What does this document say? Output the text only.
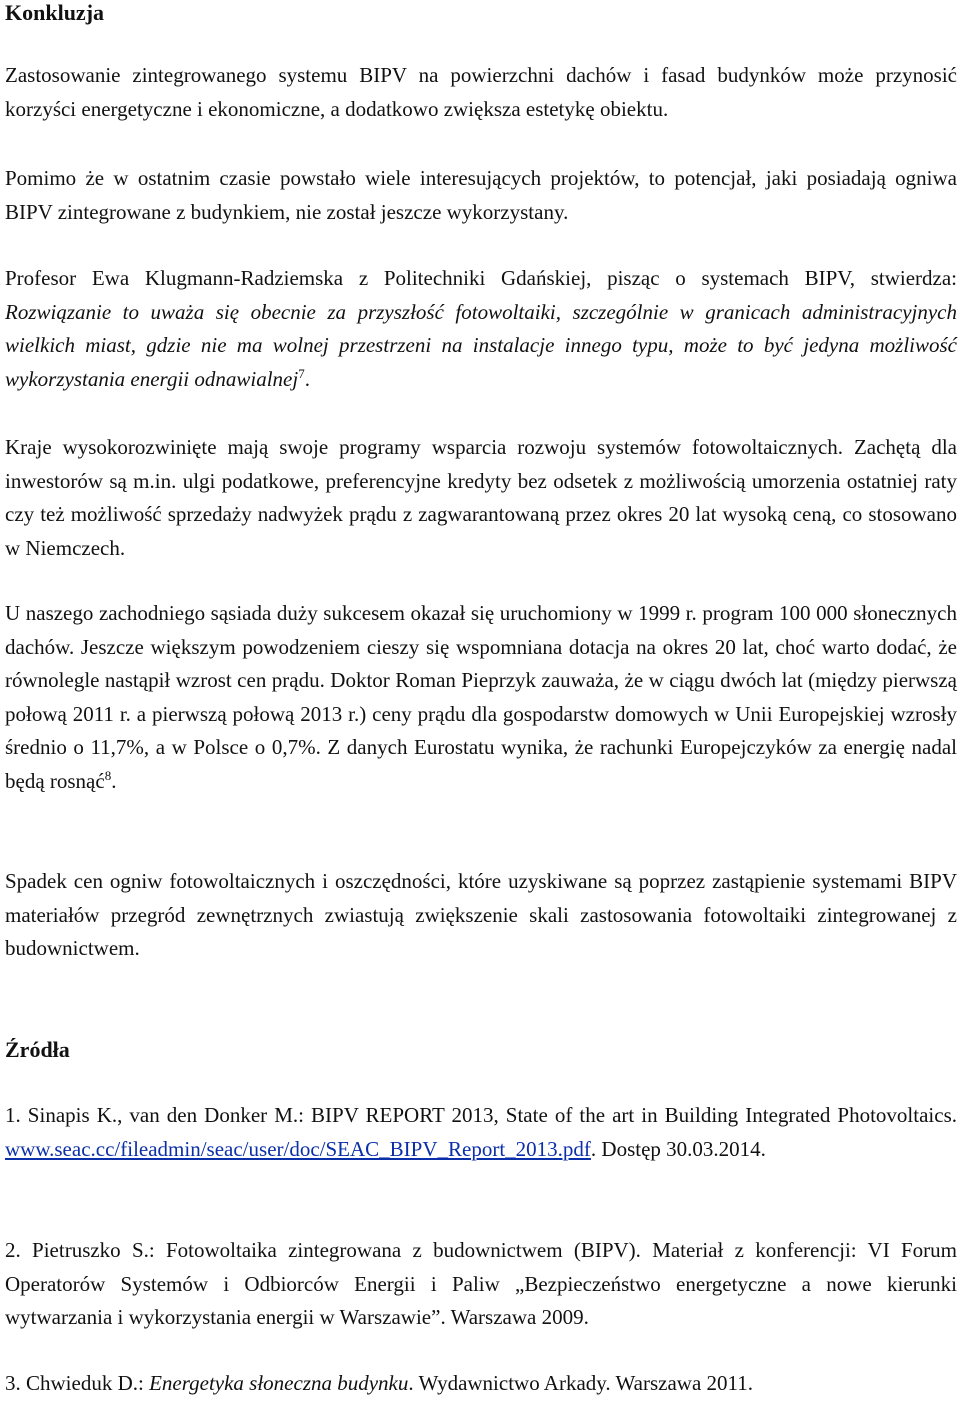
Konkluzja

Zastosowanie zintegrowanego systemu BIPV na powierzchni dachów i fasad budynków może przynosić korzyści energetyczne i ekonomiczne, a dodatkowo zwiększa estetykę obiektu.

Pomimo że w ostatnim czasie powstało wiele interesujących projektów, to potencjał, jaki posiadają ogniwa BIPV zintegrowane z budynkiem, nie został jeszcze wykorzystany.

Profesor Ewa Klugmann-Radziemska z Politechniki Gdańskiej, pisząc o systemach BIPV, stwierdza: Rozwiązanie to uważa się obecnie za przyszłość fotowoltaiki, szczególnie w granicach administracyjnych wielkich miast, gdzie nie ma wolnej przestrzeni na instalacje innego typu, może to być jedyna możliwość wykorzystania energii odnawialnej$^7$.

Kraje wysokorozwinięte mają swoje programy wsparcia rozwoju systemów fotowoltaicznych. Zachętą dla inwestorów są m.in. ulgi podatkowe, preferencyjne kredyty bez odsetek z możliwością umorzenia ostatniej raty czy też możliwość sprzedaży nadwyżek prądu z zagwarantowaną przez okres 20 lat wysoką ceną, co stosowano w Niemczech.

U naszego zachodniego sąsiada duży sukcesem okazał się uruchomiony w 1999 r. program 100 000 słonecznych dachów. Jeszcze większym powodzeniem cieszy się wspomniana dotacja na okres 20 lat, choć warto dodać, że równolegle nastąpił wzrost cen prądu. Doktor Roman Pieprzyk zauważa, że w ciągu dwóch lat (między pierwszą połową 2011 r. a pierwszą połową 2013 r.) ceny prądu dla gospodarstw domowych w Unii Europejskiej wzrosły średnio o 11,7%, a w Polsce o 0,7%. Z danych Eurostatu wynika, że rachunki Europejczyków za energię nadal będą rosnąć$^8$.

Spadek cen ogniw fotowoltaicznych i oszczędności, które uzyskiwane są poprzez zastąpienie systemami BIPV materiałów przegród zewnętrznych zwiastują zwiększenie skali zastosowania fotowoltaiki zintegrowanej z budownictwem.

Źródła

1. Sinapis K., van den Donker M.: BIPV REPORT 2013, State of the art in Building Integrated Photovoltaics. www.seac.cc/fileadmin/seac/user/doc/SEAC_BIPV_Report_2013.pdf. Dostęp 30.03.2014.

2. Pietruszko S.: Fotowoltaika zintegrowana z budownictwem (BIPV). Materiał z konferencji: VI Forum Operatorów Systemów i Odbiorców Energii i Paliw „Bezpieczeństwo energetyczne a nowe kierunki wytwarzania i wykorzystania energii w Warszawie”. Warszawa 2009.

3. Chwieduk D.: Energetyka słoneczna budynku. Wydawnictwo Arkady. Warszawa 2011.
